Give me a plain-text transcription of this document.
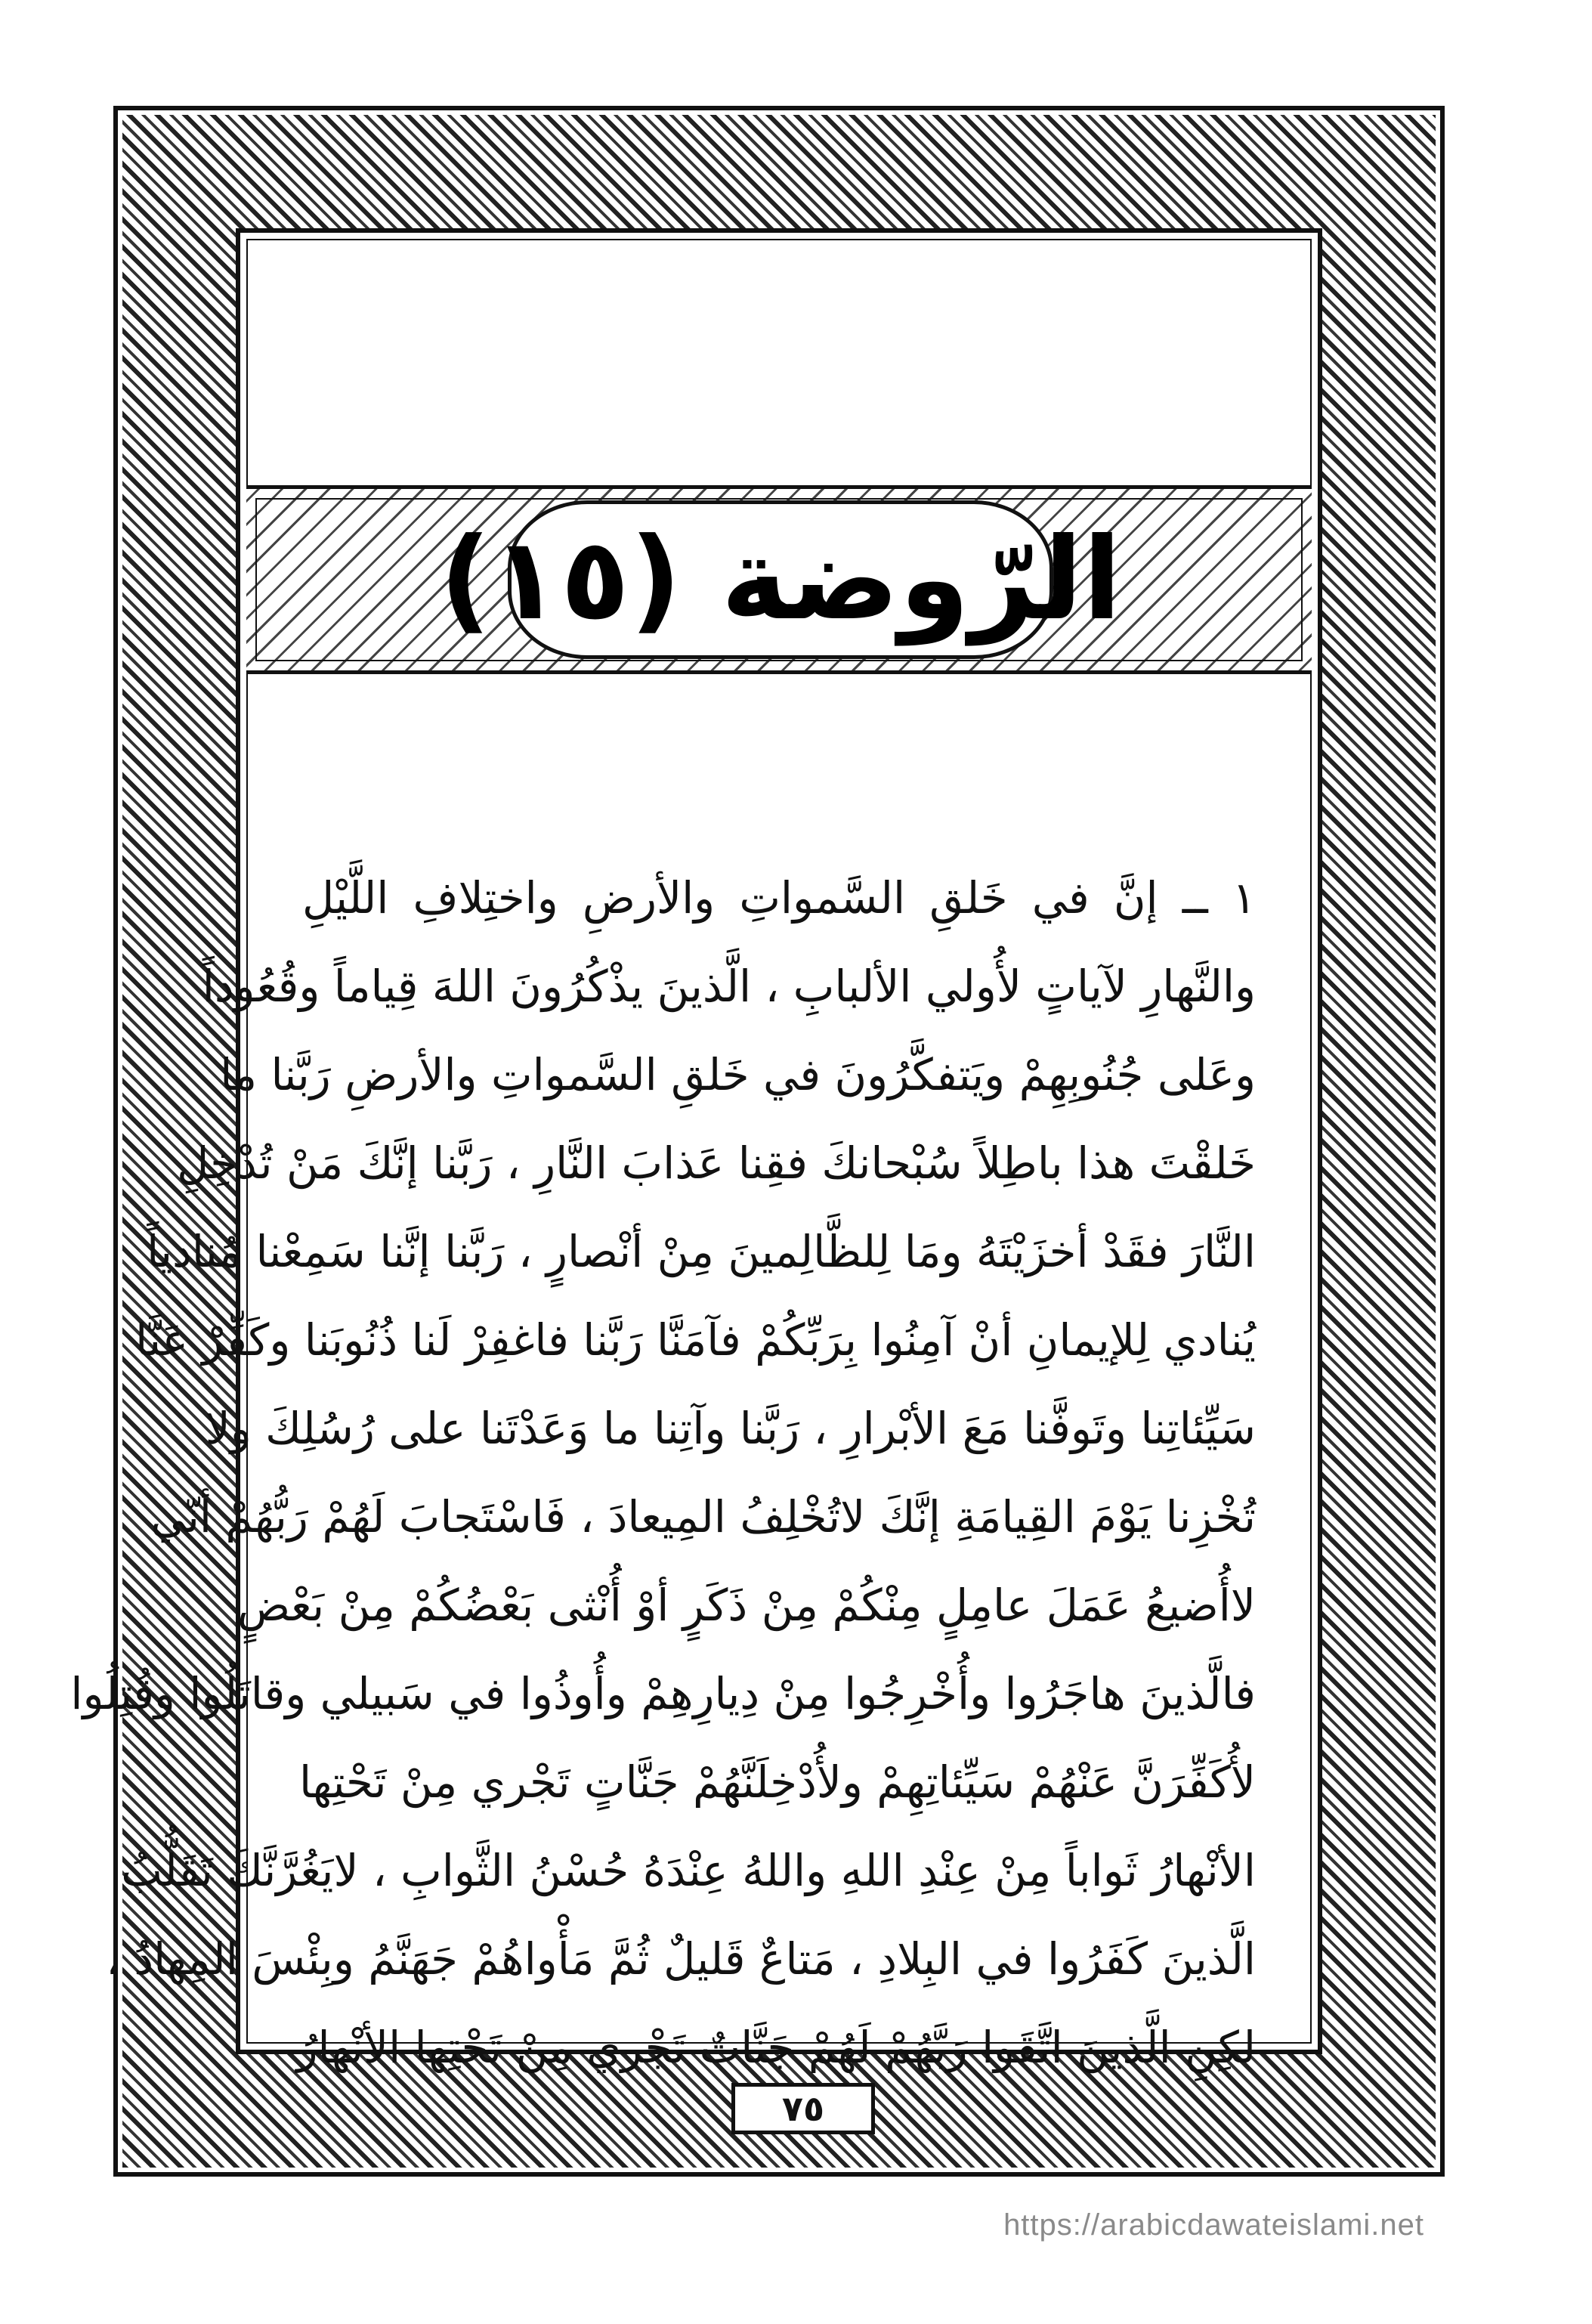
الرّوضة (١٥)
١ ــ إنَّ في خَلقِ السَّمواتِ والأرضِ واختِلافِ اللَّيْلِ
والنَّهارِ لآياتٍ لأُولي الألبابِ ، الَّذينَ يذْكُرُونَ اللهَ قِياماً وقُعُوداً
وعَلى جُنُوبِهِمْ ويَتفكَّرُونَ في خَلقِ السَّمواتِ والأرضِ رَبَّنا ما
خَلقْتَ هذا باطِلاً سُبْحانكَ فقِنا عَذابَ النَّارِ ، رَبَّنا إنَّكَ مَنْ تُدْخِلِ
النَّارَ فقَدْ أخزَيْتَهُ ومَا لِلظَّالِمينَ مِنْ أنْصارٍ ، رَبَّنا إنَّنا سَمِعْنا مُنادياً
يُنادي لِلإيمانِ أنْ آمِنُوا بِرَبِّكُمْ فآمَنَّا رَبَّنا فاغفِرْ لَنا ذُنُوبَنا وكَفِّرْ عَنَّا
سَيِّئاتِنا وتَوفَّنا مَعَ الأبْرارِ ، رَبَّنا وآتِنا ما وَعَدْتَنا على رُسُلِكَ ولا
تُخْزِنا يَوْمَ القِيامَةِ إنَّكَ لاتُخْلِفُ المِيعادَ ، فَاسْتَجابَ لَهُمْ رَبُّهُمْ أنّي
لاأُضيعُ عَمَلَ عامِلٍ مِنْكُمْ مِنْ ذَكَرٍ أوْ أُنْثى بَعْضُكُمْ مِنْ بَعْضٍ
فالَّذينَ هاجَرُوا وأُخْرِجُوا مِنْ دِيارِهِمْ وأُوذُوا في سَبيلي وقاتَلُوا وقُتِلُوا
لأُكَفِّرَنَّ عَنْهُمْ سَيِّئاتِهِمْ ولأُدْخِلَنَّهُمْ جَنَّاتٍ تَجْري مِنْ تَحْتِها
الأنْهارُ ثَواباً مِنْ عِنْدِ اللهِ واللهُ عِنْدَهُ حُسْنُ الثَّوابِ ، لايَغُرَّنَّكَ تَقَلُّبُ
الَّذينَ كَفَرُوا في البِلادِ ، مَتاعٌ قَليلٌ ثُمَّ مَأْواهُمْ جَهَنَّمُ وبِئْسَ المِهادُ ،
لكِنِ الَّذينَ اتَّقَوا رَبَّهُمْ لَهُمْ جَنَّاتٌ تَجْري مِنْ تَحْتِها الأنْهارُ
٧٥
https://arabicdawateislami.net
